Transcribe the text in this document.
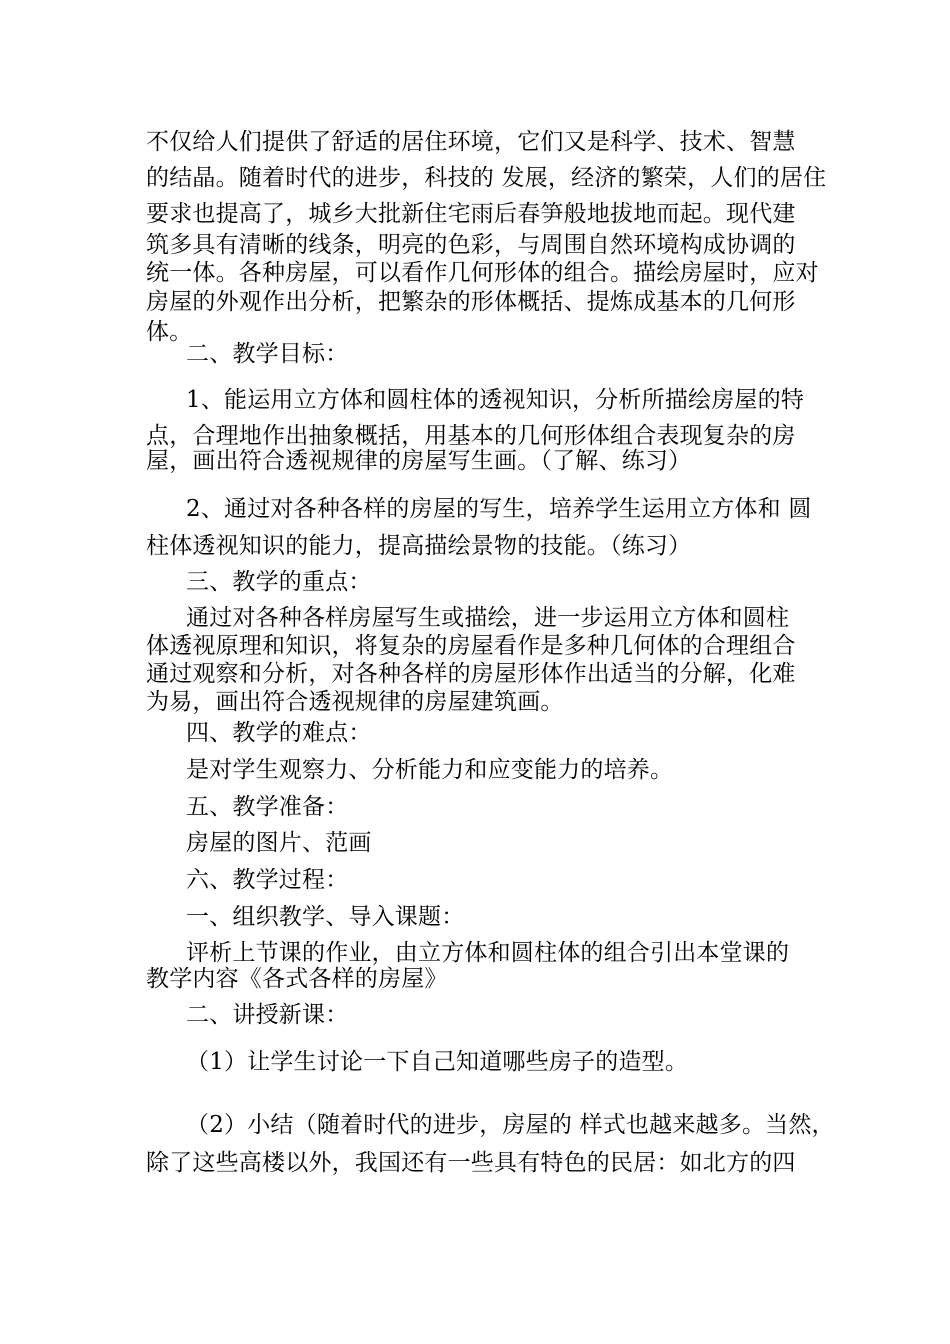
不仅给人们提供了舒适的居住环境，它们又是科学、技术、智慧
的结晶。随着时代的进步，科技的 发展，经济的繁荣，人们的居住
要求也提高了，城乡大批新住宅雨后春笋般地拔地而起。现代建
筑多具有清晰的线条，明亮的色彩，与周围自然环境构成协调的
统一体。各种房屋，可以看作几何形体的组合。描绘房屋时，应对
房屋的外观作出分析，把繁杂的形体概括、提炼成基本的几何形
体。
二、教学目标：
1、能运用立方体和圆柱体的透视知识，分析所描绘房屋的特
点，合理地作出抽象概括，用基本的几何形体组合表现复杂的房
屋，画出符合透视规律的房屋写生画。（了解、练习）
2、通过对各种各样的房屋的写生，培养学生运用立方体和 圆
柱体透视知识的能力，提高描绘景物的技能。（练习）
三、教学的重点：
通过对各种各样房屋写生或描绘，进一步运用立方体和圆柱
体透视原理和知识，将复杂的房屋看作是多种几何体的合理组合
通过观察和分析，对各种各样的房屋形体作出适当的分解，化难
为易，画出符合透视规律的房屋建筑画。
四、教学的难点：
是对学生观察力、分析能力和应变能力的培养。
五、教学准备：
房屋的图片、范画
六、教学过程：
一、组织教学、导入课题：
评析上节课的作业，由立方体和圆柱体的组合引出本堂课的
教学内容《各式各样的房屋》
二、讲授新课：
（1）让学生讨论一下自己知道哪些房子的造型。
（2）小结（随着时代的进步，房屋的 样式也越来越多。当然，
除了这些高楼以外，我国还有一些具有特色的民居：如北方的四
